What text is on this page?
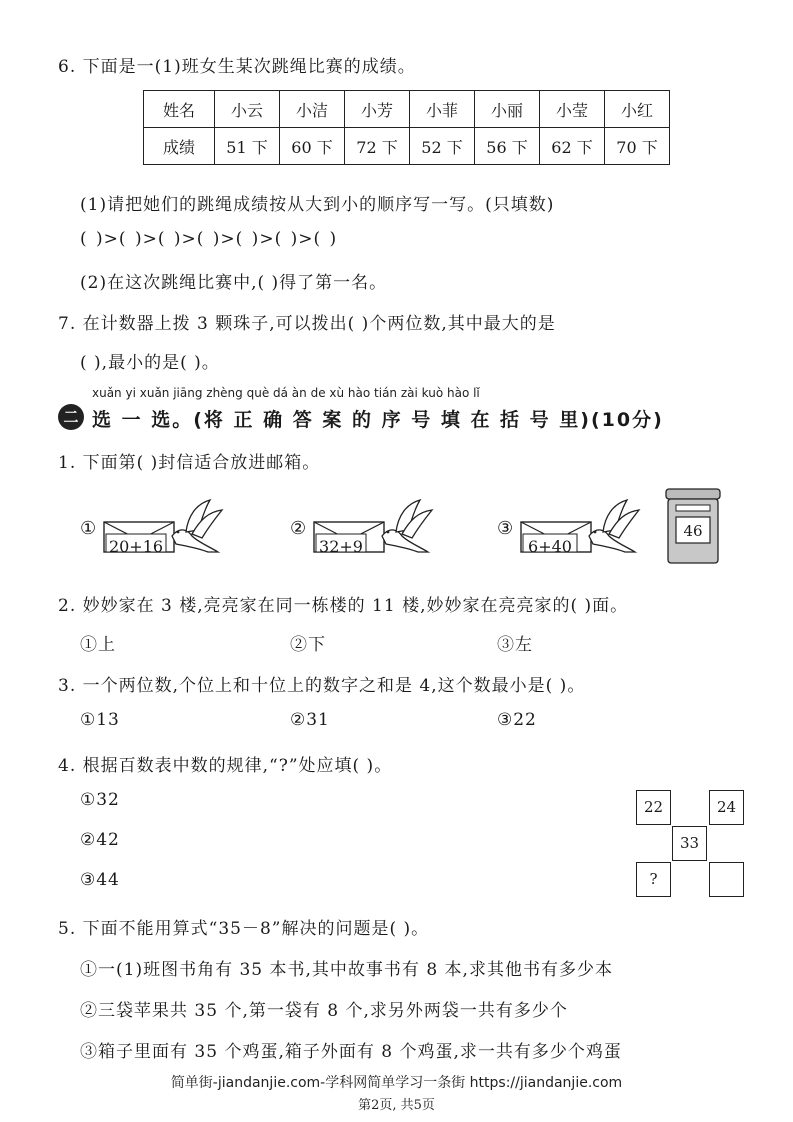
6. 下面是一(1)班女生某次跳绳比赛的成绩。
姓名	小云	小洁	小芳	小菲	小丽	小莹	小红
成绩	51 下	60 下	72 下	52 下	56 下	62 下	70 下
(1)请把她们的跳绳成绩按从大到小的顺序写一写。(只填数)
( )>( )>( )>( )>( )>( )>( )
(2)在这次跳绳比赛中,( )得了第一名。
7. 在计数器上拨 3 颗珠子,可以拨出( )个两位数,其中最大的是
( ),最小的是( )。
xuǎn yi xuǎn jiāng zhèng què dá àn de xù hào tián zài kuò hào lǐ
二 选 一 选。(将 正 确 答 案 的 序 号 填 在 括 号 里)(10分)
1. 下面第( )封信适合放进邮箱。
①
20+16
②
32+9
③
6+40
46
2. 妙妙家在 3 楼,亮亮家在同一栋楼的 11 楼,妙妙家在亮亮家的( )面。
①上	②下	③左
3. 一个两位数,个位上和十位上的数字之和是 4,这个数最小是( )。
①13	②31	③22
4. 根据百数表中数的规律,“?”处应填( )。
①32
②42
③44
22	24
33
?
5. 下面不能用算式“35－8”解决的问题是( )。
①一(1)班图书角有 35 本书,其中故事书有 8 本,求其他书有多少本
②三袋苹果共 35 个,第一袋有 8 个,求另外两袋一共有多少个
③箱子里面有 35 个鸡蛋,箱子外面有 8 个鸡蛋,求一共有多少个鸡蛋
简单街-jiandanjie.com-学科网简单学习一条街 https://jiandanjie.com
第2页, 共5页
